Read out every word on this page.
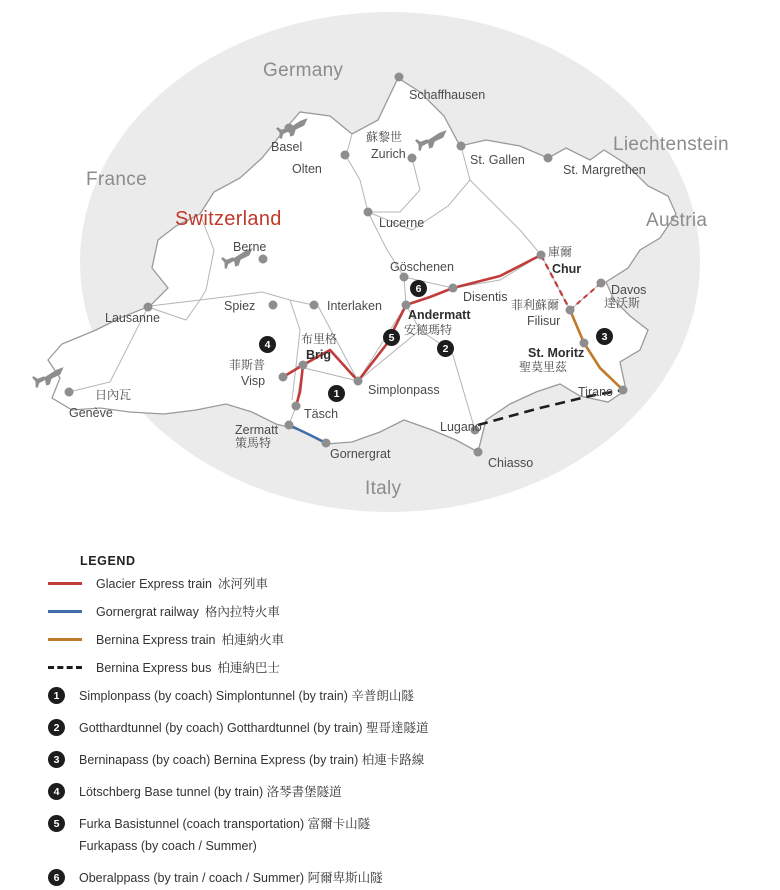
Germany
Liechtenstein
France
Switzerland	Austria
Italy
Schaffhausen
Basel
蘇黎世
Zurich	St. Gallen
St. Margrethen
Olten
Lucerne
Berne	庫爾
Chur
Göschenen
Disentis
Interlaken
Spiez
Andermatt
安德瑪特
菲利蘇爾
Filisur
Davos
達沃斯
Lausanne
布里格
Brig	St. Moritz
聖莫里茲
菲斯普
Visp
Simplonpass	Tirano
日內瓦
Genève	Täsch
Lugano
Zermatt
策馬特
Gornergrat
Chiasso
6
3
5
2
4
1
LEGEND
Glacier Express train 冰河列車
Gornergrat railway 格內拉特火車
Bernina Express train 柏連納火車
Bernina Express bus 柏連納巴士
1	Simplonpass (by coach) Simplontunnel (by train) 辛普朗山隧
2	Gotthardtunnel (by coach) Gotthardtunnel (by train) 聖哥達隧道
3	Berninapass (by coach) Bernina Express (by train) 柏連卡路線
4	Lötschberg Base tunnel (by train) 洛琴書堡隧道
5	Furka Basistunnel (coach transportation) 富爾卡山隧
Furkapass (by coach / Summer)
6	Oberalppass (by train / coach / Summer) 阿爾卑斯山隧
